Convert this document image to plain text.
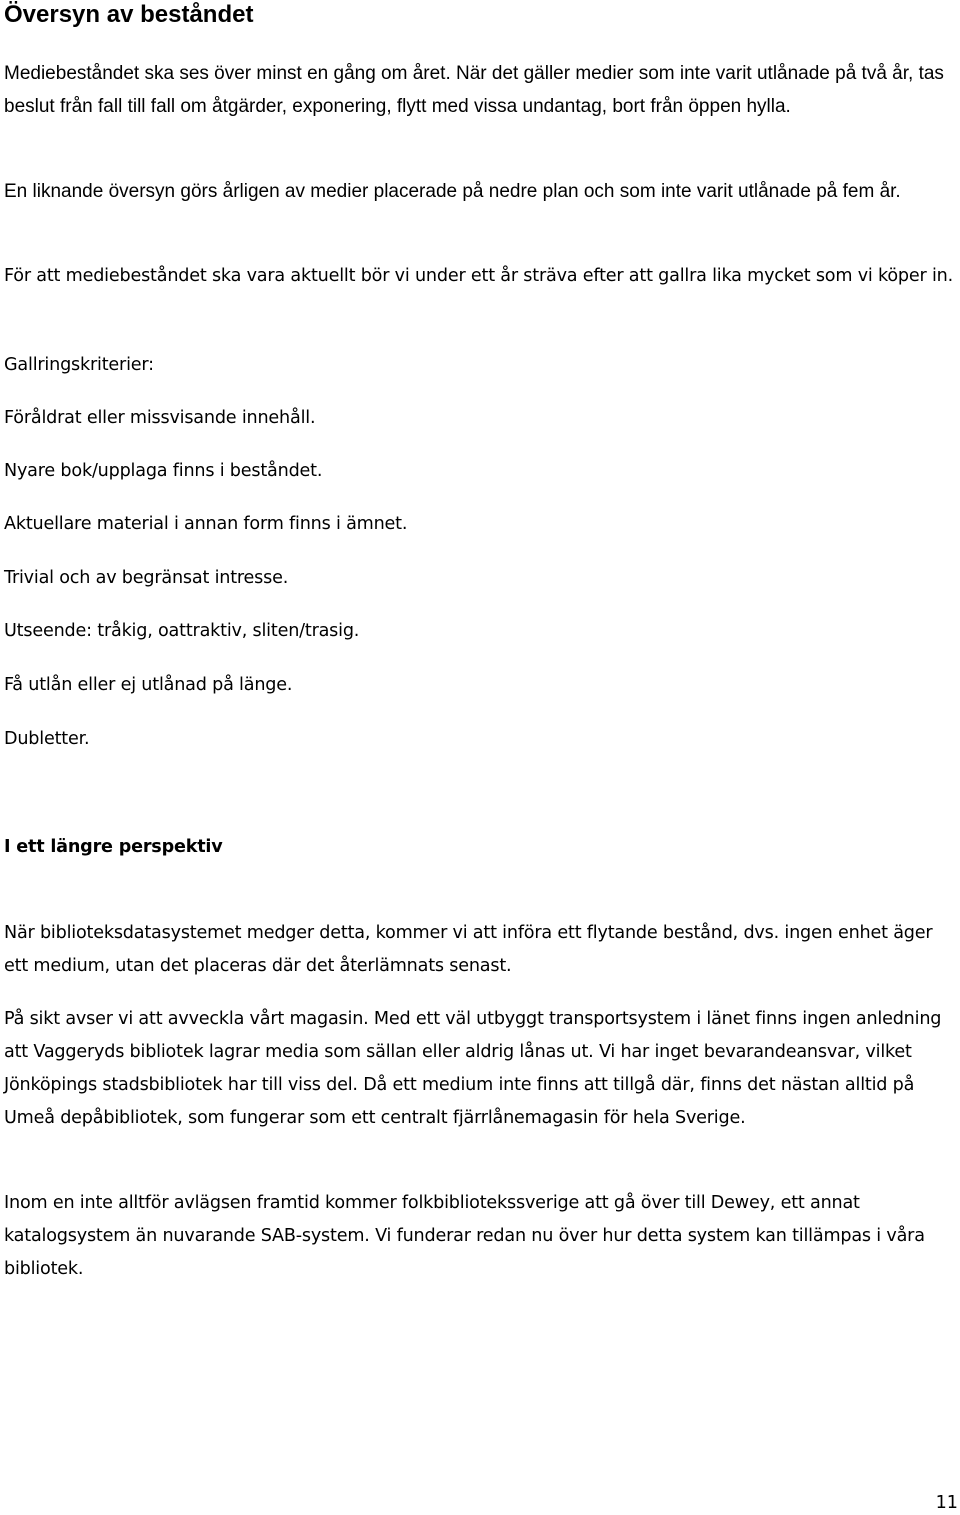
Översyn av beståndet

Mediebeståndet ska ses över minst en gång om året. När det gäller medier som inte varit utlånade på två år, tas beslut från fall till fall om åtgärder, exponering, flytt med vissa undantag, bort från öppen hylla.

En liknande översyn görs årligen av medier placerade på nedre plan och som inte varit utlånade på fem år.

För att mediebeståndet ska vara aktuellt bör vi under ett år sträva efter att gallra lika mycket som vi köper in.

Gallringskriterier:

Föråldrat eller missvisande innehåll.

Nyare bok/upplaga finns i beståndet.

Aktuellare material i annan form finns i ämnet.

Trivial och av begränsat intresse.

Utseende: tråkig, oattraktiv, sliten/trasig.

Få utlån eller ej utlånad på länge.

Dubletter.

I ett längre perspektiv

När biblioteksdatasystemet medger detta, kommer vi att införa ett flytande bestånd, dvs. ingen enhet äger ett medium, utan det placeras där det återlämnats senast.

På sikt avser vi att avveckla vårt magasin. Med ett väl utbyggt transportsystem i länet finns ingen anledning att Vaggeryds bibliotek lagrar media som sällan eller aldrig lånas ut. Vi har inget bevarandeansvar, vilket Jönköpings stadsbibliotek har till viss del. Då ett medium inte finns att tillgå där, finns det nästan alltid på Umeå depåbibliotek, som fungerar som ett centralt fjärrlånemagasin för hela Sverige.

Inom en inte alltför avlägsen framtid kommer folkbibliotekssverige att gå över till Dewey, ett annat katalogsystem än nuvarande SAB-system. Vi funderar redan nu över hur detta system kan tillämpas i våra bibliotek.

11
